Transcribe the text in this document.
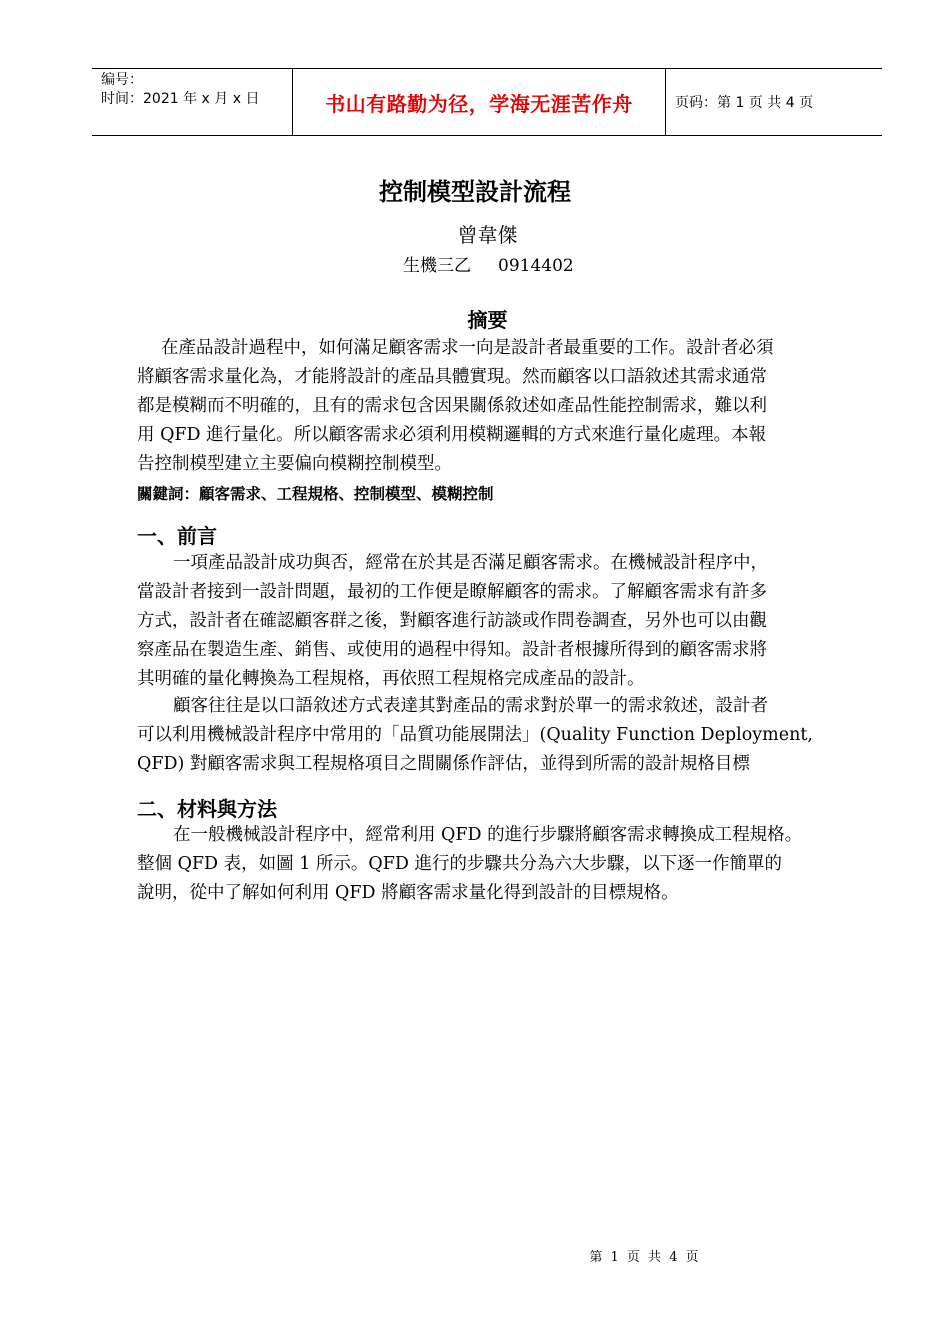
编号：
时间：2021 年 x 月 x 日	书山有路勤为径，学海无涯苦作舟	页码：第 1 页 共 4 页
控制模型設計流程
曾韋傑
生機三乙     0914402
摘要
在產品設計過程中，如何滿足顧客需求一向是設計者最重要的工作。設計者必須
將顧客需求量化為，才能將設計的產品具體實現。然而顧客以口語敘述其需求通常
都是模糊而不明確的，且有的需求包含因果關係敘述如產品性能控制需求，難以利
用 QFD 進行量化。所以顧客需求必須利用模糊邏輯的方式來進行量化處理。本報
告控制模型建立主要偏向模糊控制模型。
關鍵詞：顧客需求、工程規格、控制模型、模糊控制
一、前言
一項產品設計成功與否，經常在於其是否滿足顧客需求。在機械設計程序中，
當設計者接到一設計問題，最初的工作便是瞭解顧客的需求。了解顧客需求有許多
方式，設計者在確認顧客群之後，對顧客進行訪談或作問卷調查，另外也可以由觀
察產品在製造生產、銷售、或使用的過程中得知。設計者根據所得到的顧客需求將
其明確的量化轉換為工程規格，再依照工程規格完成產品的設計。
顧客往往是以口語敘述方式表達其對產品的需求對於單一的需求敘述，設計者
可以利用機械設計程序中常用的「品質功能展開法」(Quality Function Deployment,
QFD) 對顧客需求與工程規格項目之間關係作評估，並得到所需的設計規格目標
二、材料與方法
在一般機械設計程序中，經常利用 QFD 的進行步驟將顧客需求轉換成工程規格。
整個 QFD 表，如圖 1 所示。QFD 進行的步驟共分為六大步驟，以下逐一作簡單的
說明，從中了解如何利用 QFD 將顧客需求量化得到設計的目標規格。
第 1 页 共 4 页
